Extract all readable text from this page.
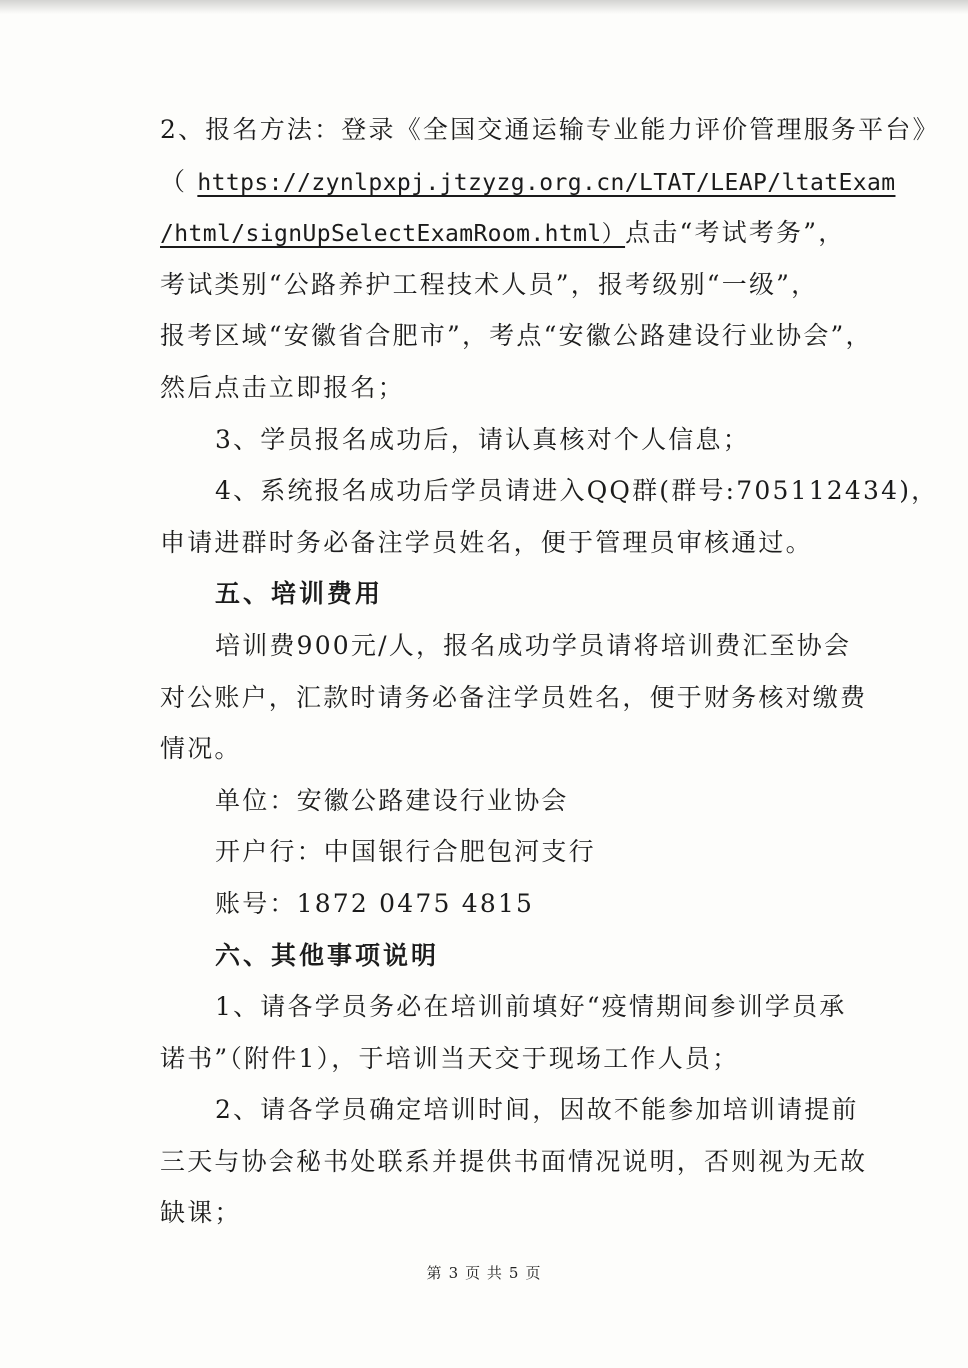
2、报名方法：登录《全国交通运输专业能力评价管理服务平台》
（ https://zynlpxpj.jtzyzg.org.cn/LTAT/LEAP/ltatExam
/html/signUpSelectExamRoom.html）点击“考试考务”，
考试类别“公路养护工程技术人员”，报考级别“一级”，
报考区域“安徽省合肥市”，考点“安徽公路建设行业协会”，
然后点击立即报名；
3、学员报名成功后，请认真核对个人信息；
4、系统报名成功后学员请进入QQ群(群号:705112434)，
申请进群时务必备注学员姓名，便于管理员审核通过。
五、培训费用
培训费900元/人，报名成功学员请将培训费汇至协会
对公账户，汇款时请务必备注学员姓名，便于财务核对缴费
情况。
单位：安徽公路建设行业协会
开户行：中国银行合肥包河支行
账号：1872 0475 4815
六、其他事项说明
1、请各学员务必在培训前填好“疫情期间参训学员承
诺书”（附件1），于培训当天交于现场工作人员；
2、请各学员确定培训时间，因故不能参加培训请提前
三天与协会秘书处联系并提供书面情况说明，否则视为无故
缺课；
第 3 页 共 5 页
